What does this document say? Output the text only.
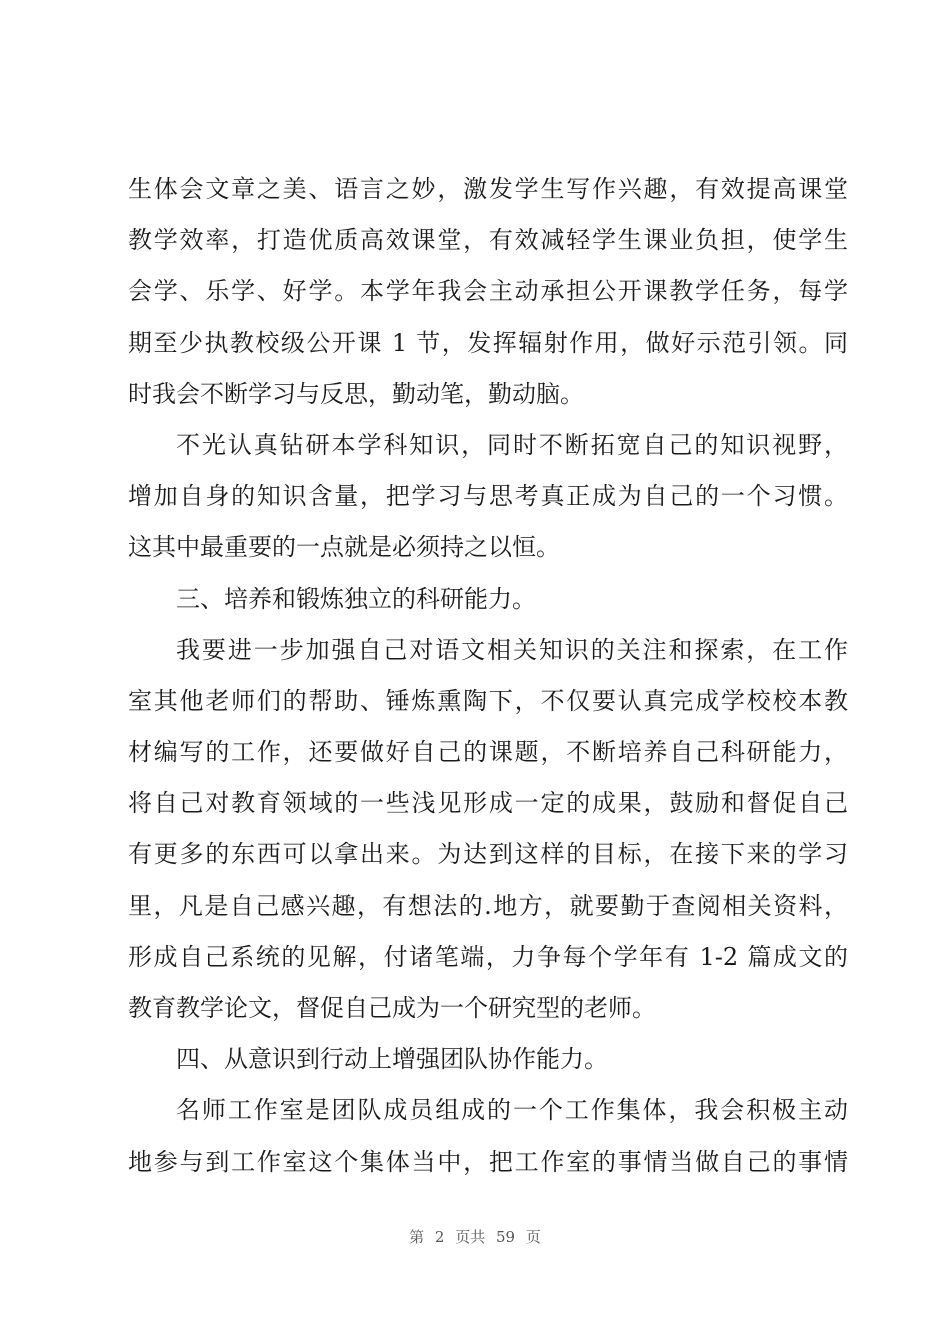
生体会文章之美、语言之妙，激发学生写作兴趣，有效提高课堂
教学效率，打造优质高效课堂，有效减轻学生课业负担，使学生
会学、乐学、好学。本学年我会主动承担公开课教学任务，每学
期至少执教校级公开课 1 节，发挥辐射作用，做好示范引领。同
时我会不断学习与反思，勤动笔，勤动脑。
不光认真钻研本学科知识，同时不断拓宽自己的知识视野，
增加自身的知识含量，把学习与思考真正成为自己的一个习惯。
这其中最重要的一点就是必须持之以恒。
三、培养和锻炼独立的科研能力。
我要进一步加强自己对语文相关知识的关注和探索，在工作
室其他老师们的帮助、锤炼熏陶下，不仅要认真完成学校校本教
材编写的工作，还要做好自己的课题，不断培养自己科研能力，
将自己对教育领域的一些浅见形成一定的成果，鼓励和督促自己
有更多的东西可以拿出来。为达到这样的目标，在接下来的学习
里，凡是自己感兴趣，有想法的.地方，就要勤于查阅相关资料，
形成自己系统的见解，付诸笔端，力争每个学年有 1-2 篇成文的
教育教学论文，督促自己成为一个研究型的老师。
四、从意识到行动上增强团队协作能力。
名师工作室是团队成员组成的一个工作集体，我会积极主动
地参与到工作室这个集体当中，把工作室的事情当做自己的事情
第 2 页共 59 页
